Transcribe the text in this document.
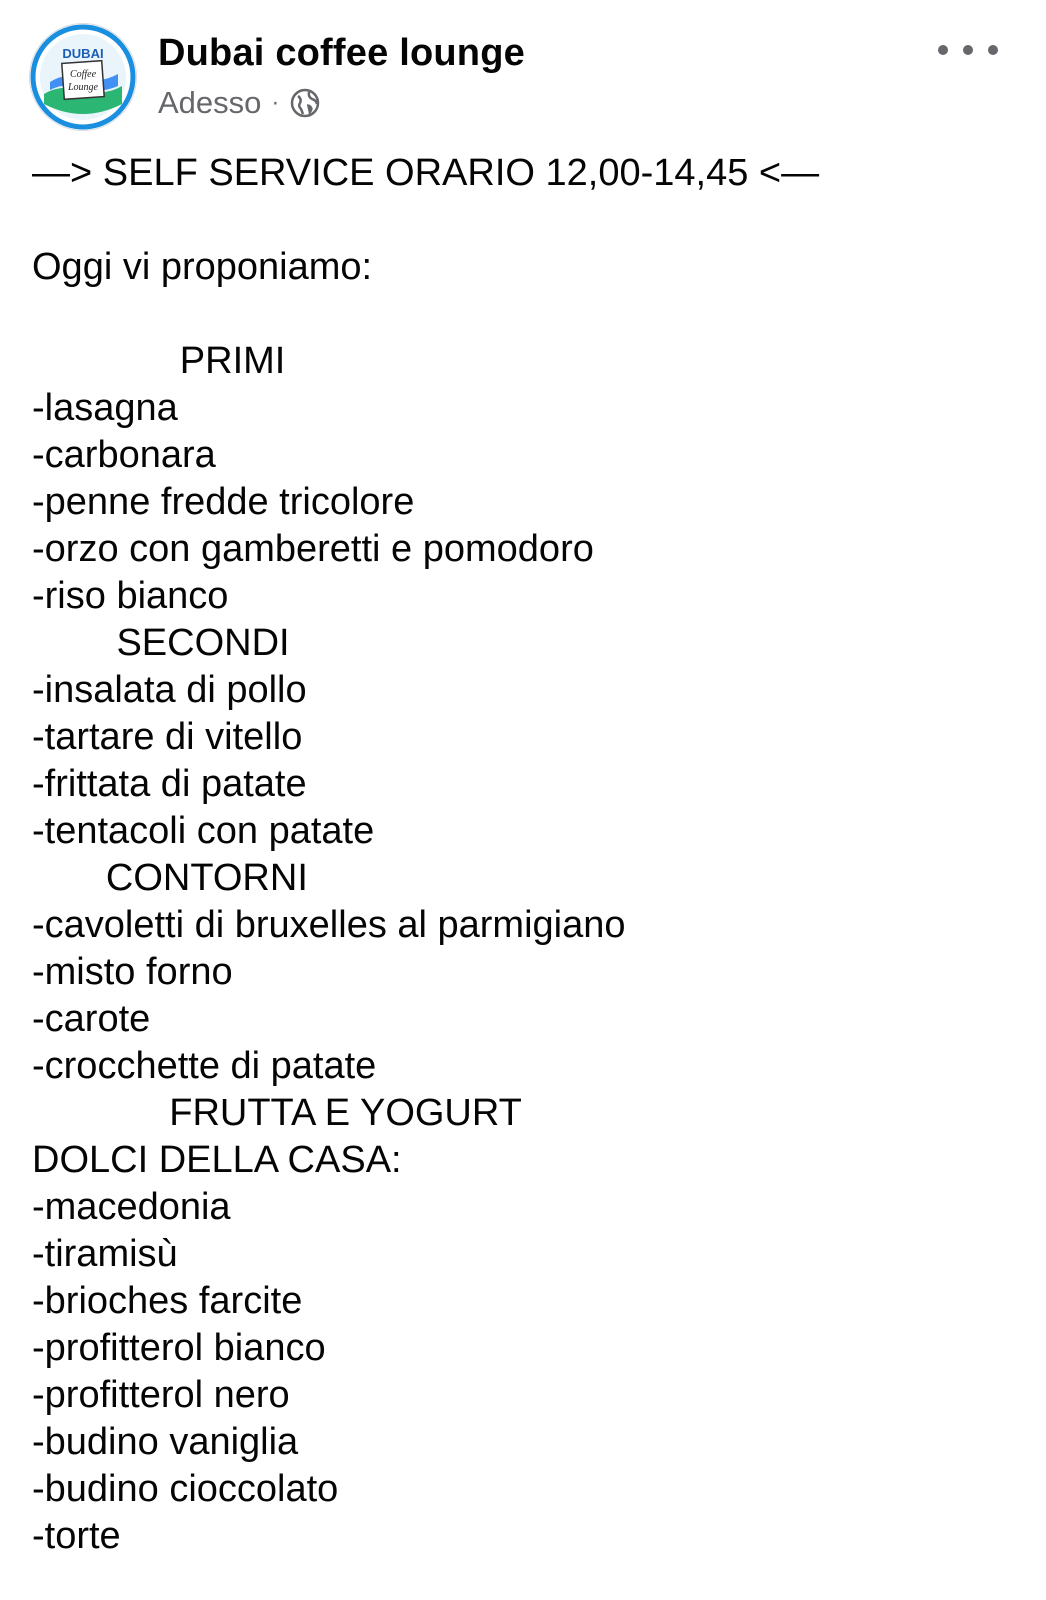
DUBAI
Coffee
Lounge
Dubai coffee lounge
Adesso ·
—> SELF SERVICE ORARIO 12,00-14,45 <—
Oggi vi proponiamo:
PRIMI
-lasagna
-carbonara
-penne fredde tricolore
-orzo con gamberetti e pomodoro
-riso bianco
SECONDI
-insalata di pollo
-tartare di vitello
-frittata di patate
-tentacoli con patate
CONTORNI
-cavoletti di bruxelles al parmigiano
-misto forno
-carote
-crocchette di patate
FRUTTA E YOGURT
DOLCI DELLA CASA:
-macedonia
-tiramisù
-brioches farcite
-profitterol bianco
-profitterol nero
-budino vaniglia
-budino cioccolato
-torte
